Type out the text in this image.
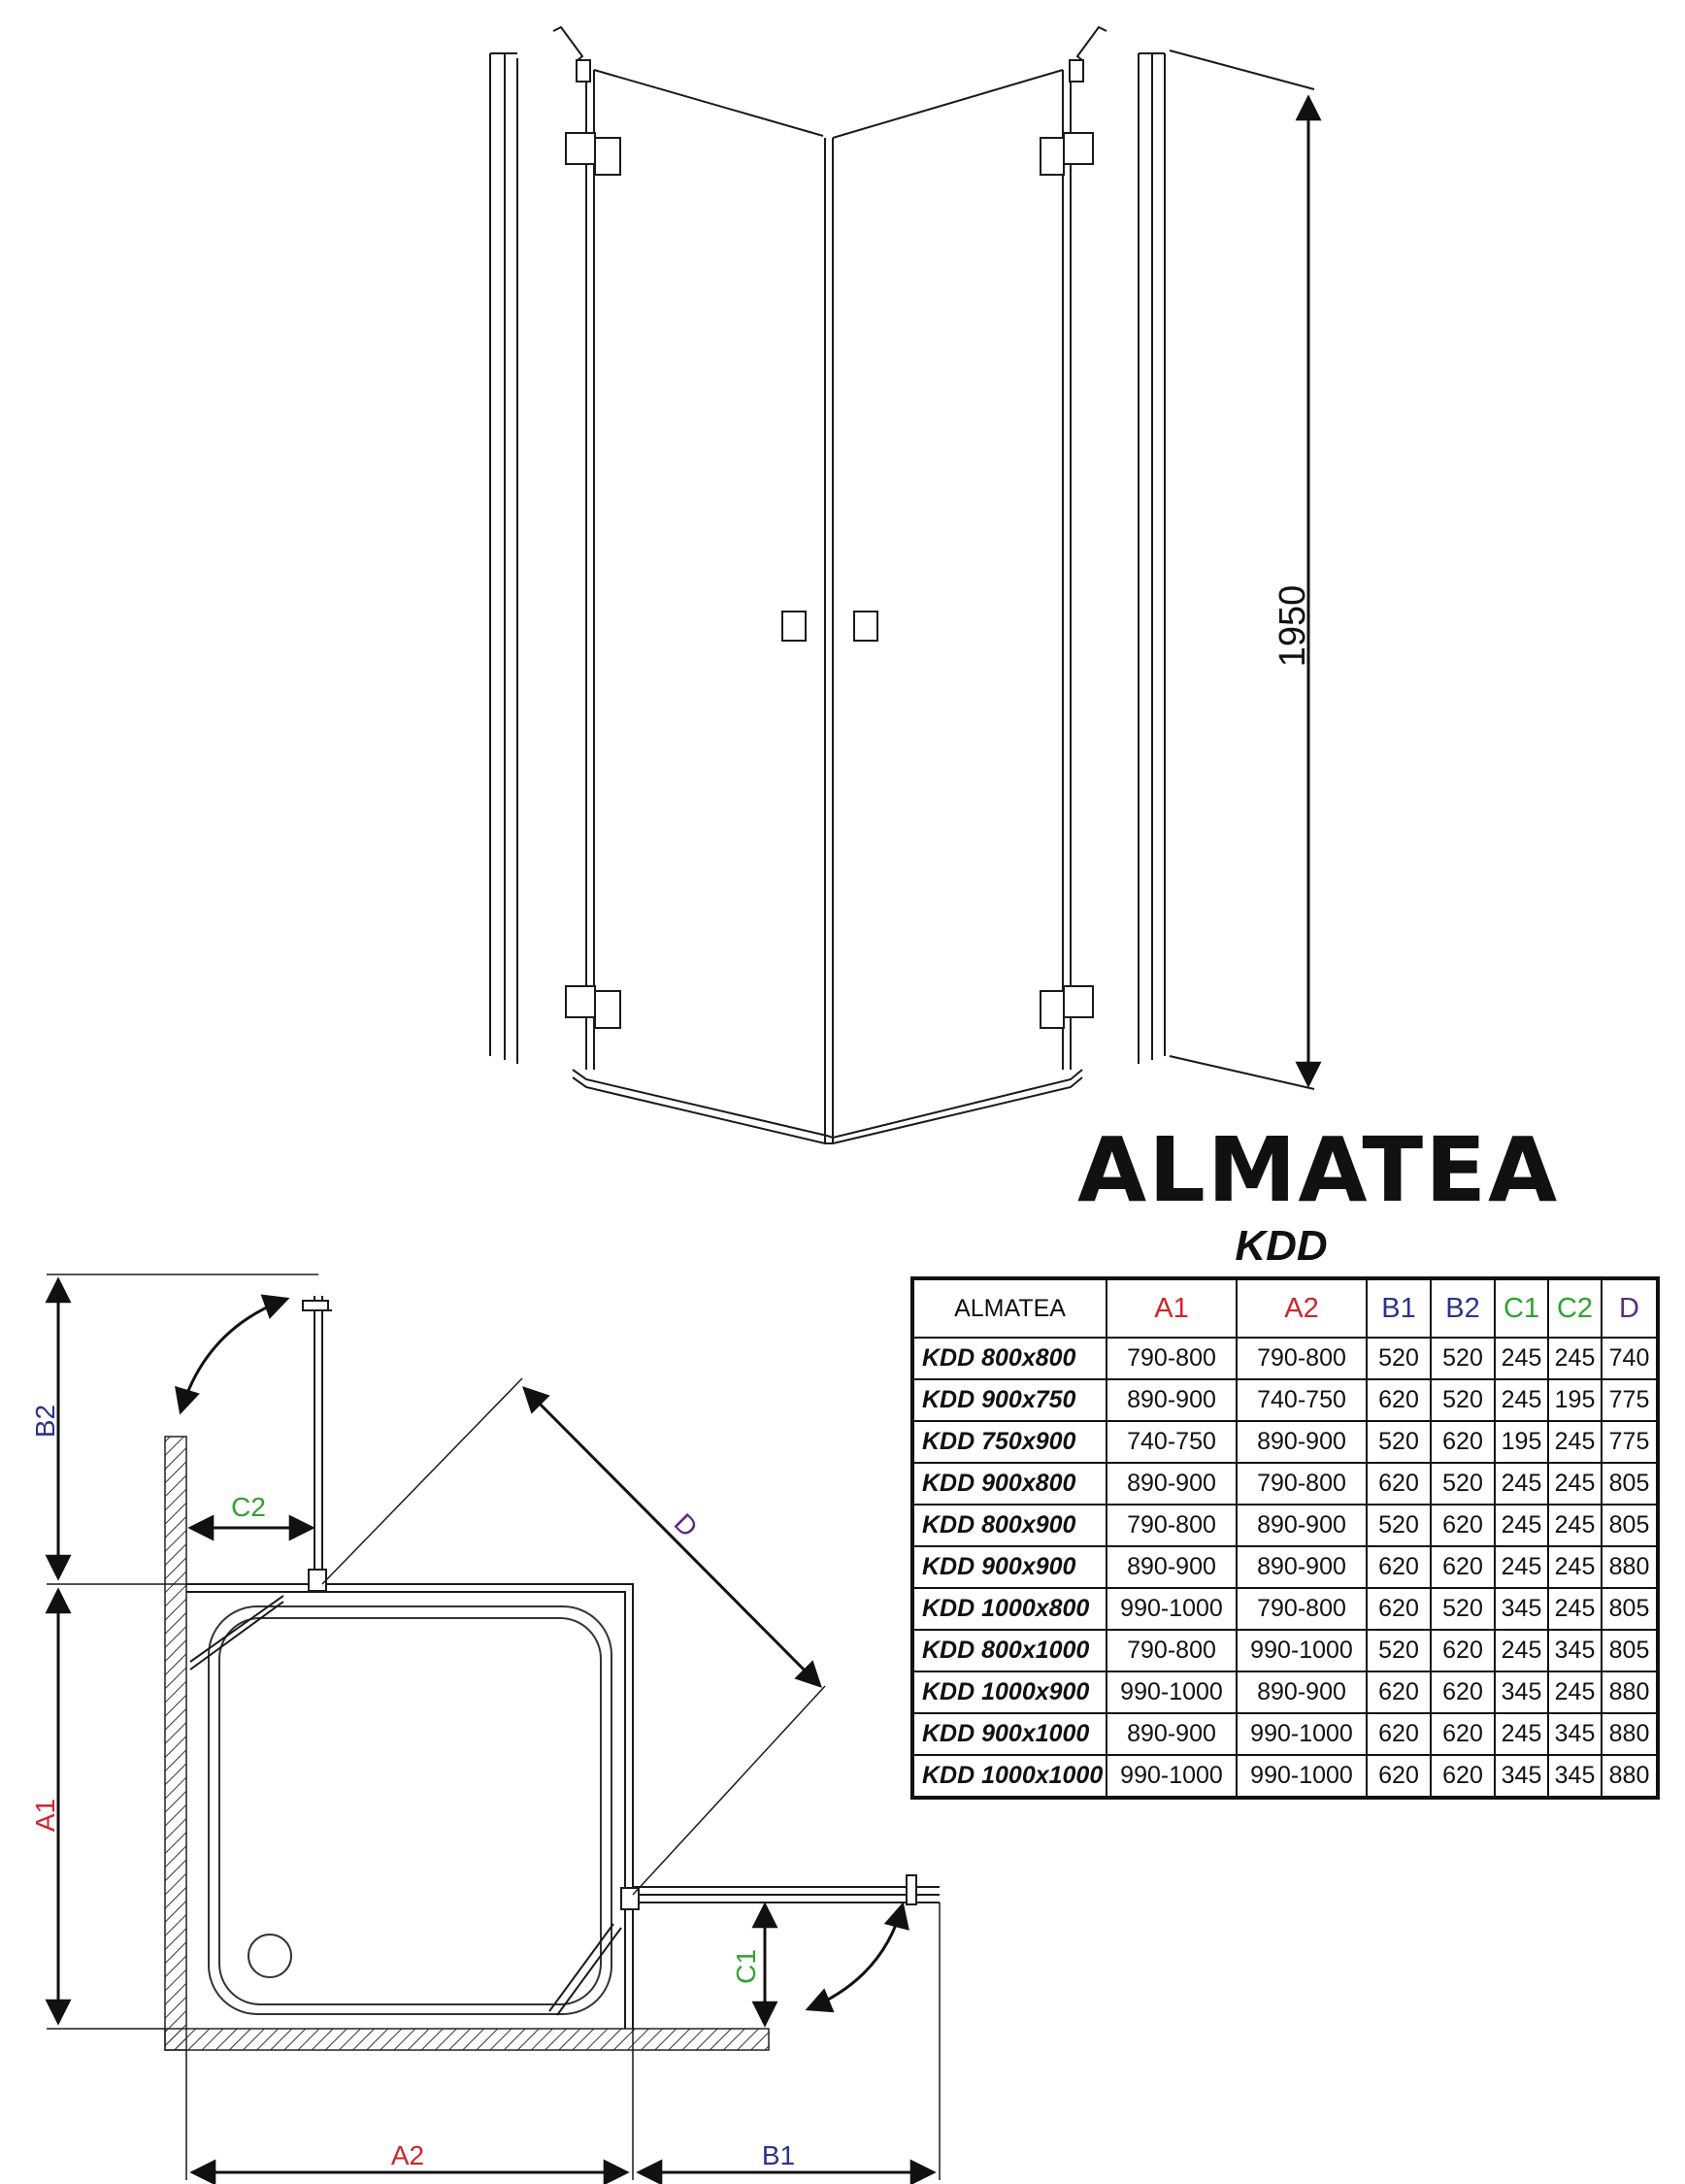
1950
D
B2
A1
C2
C1
A2	B1
ALMATEA
KDD
ALMATEA	A1	A2	B1	B2	C1	C2	D
KDD 800x800	790-800	790-800	520	520	245	245	740
KDD 900x750	890-900	740-750	620	520	245	195	775
KDD 750x900	740-750	890-900	520	620	195	245	775
KDD 900x800	890-900	790-800	620	520	245	245	805
KDD 800x900	790-800	890-900	520	620	245	245	805
KDD 900x900	890-900	890-900	620	620	245	245	880
KDD 1000x800	990-1000	790-800	620	520	345	245	805
KDD 800x1000	790-800	990-1000	520	620	245	345	805
KDD 1000x900	990-1000	890-900	620	620	345	245	880
KDD 900x1000	890-900	990-1000	620	620	245	345	880
KDD 1000x1000	990-1000	990-1000	620	620	345	345	880
